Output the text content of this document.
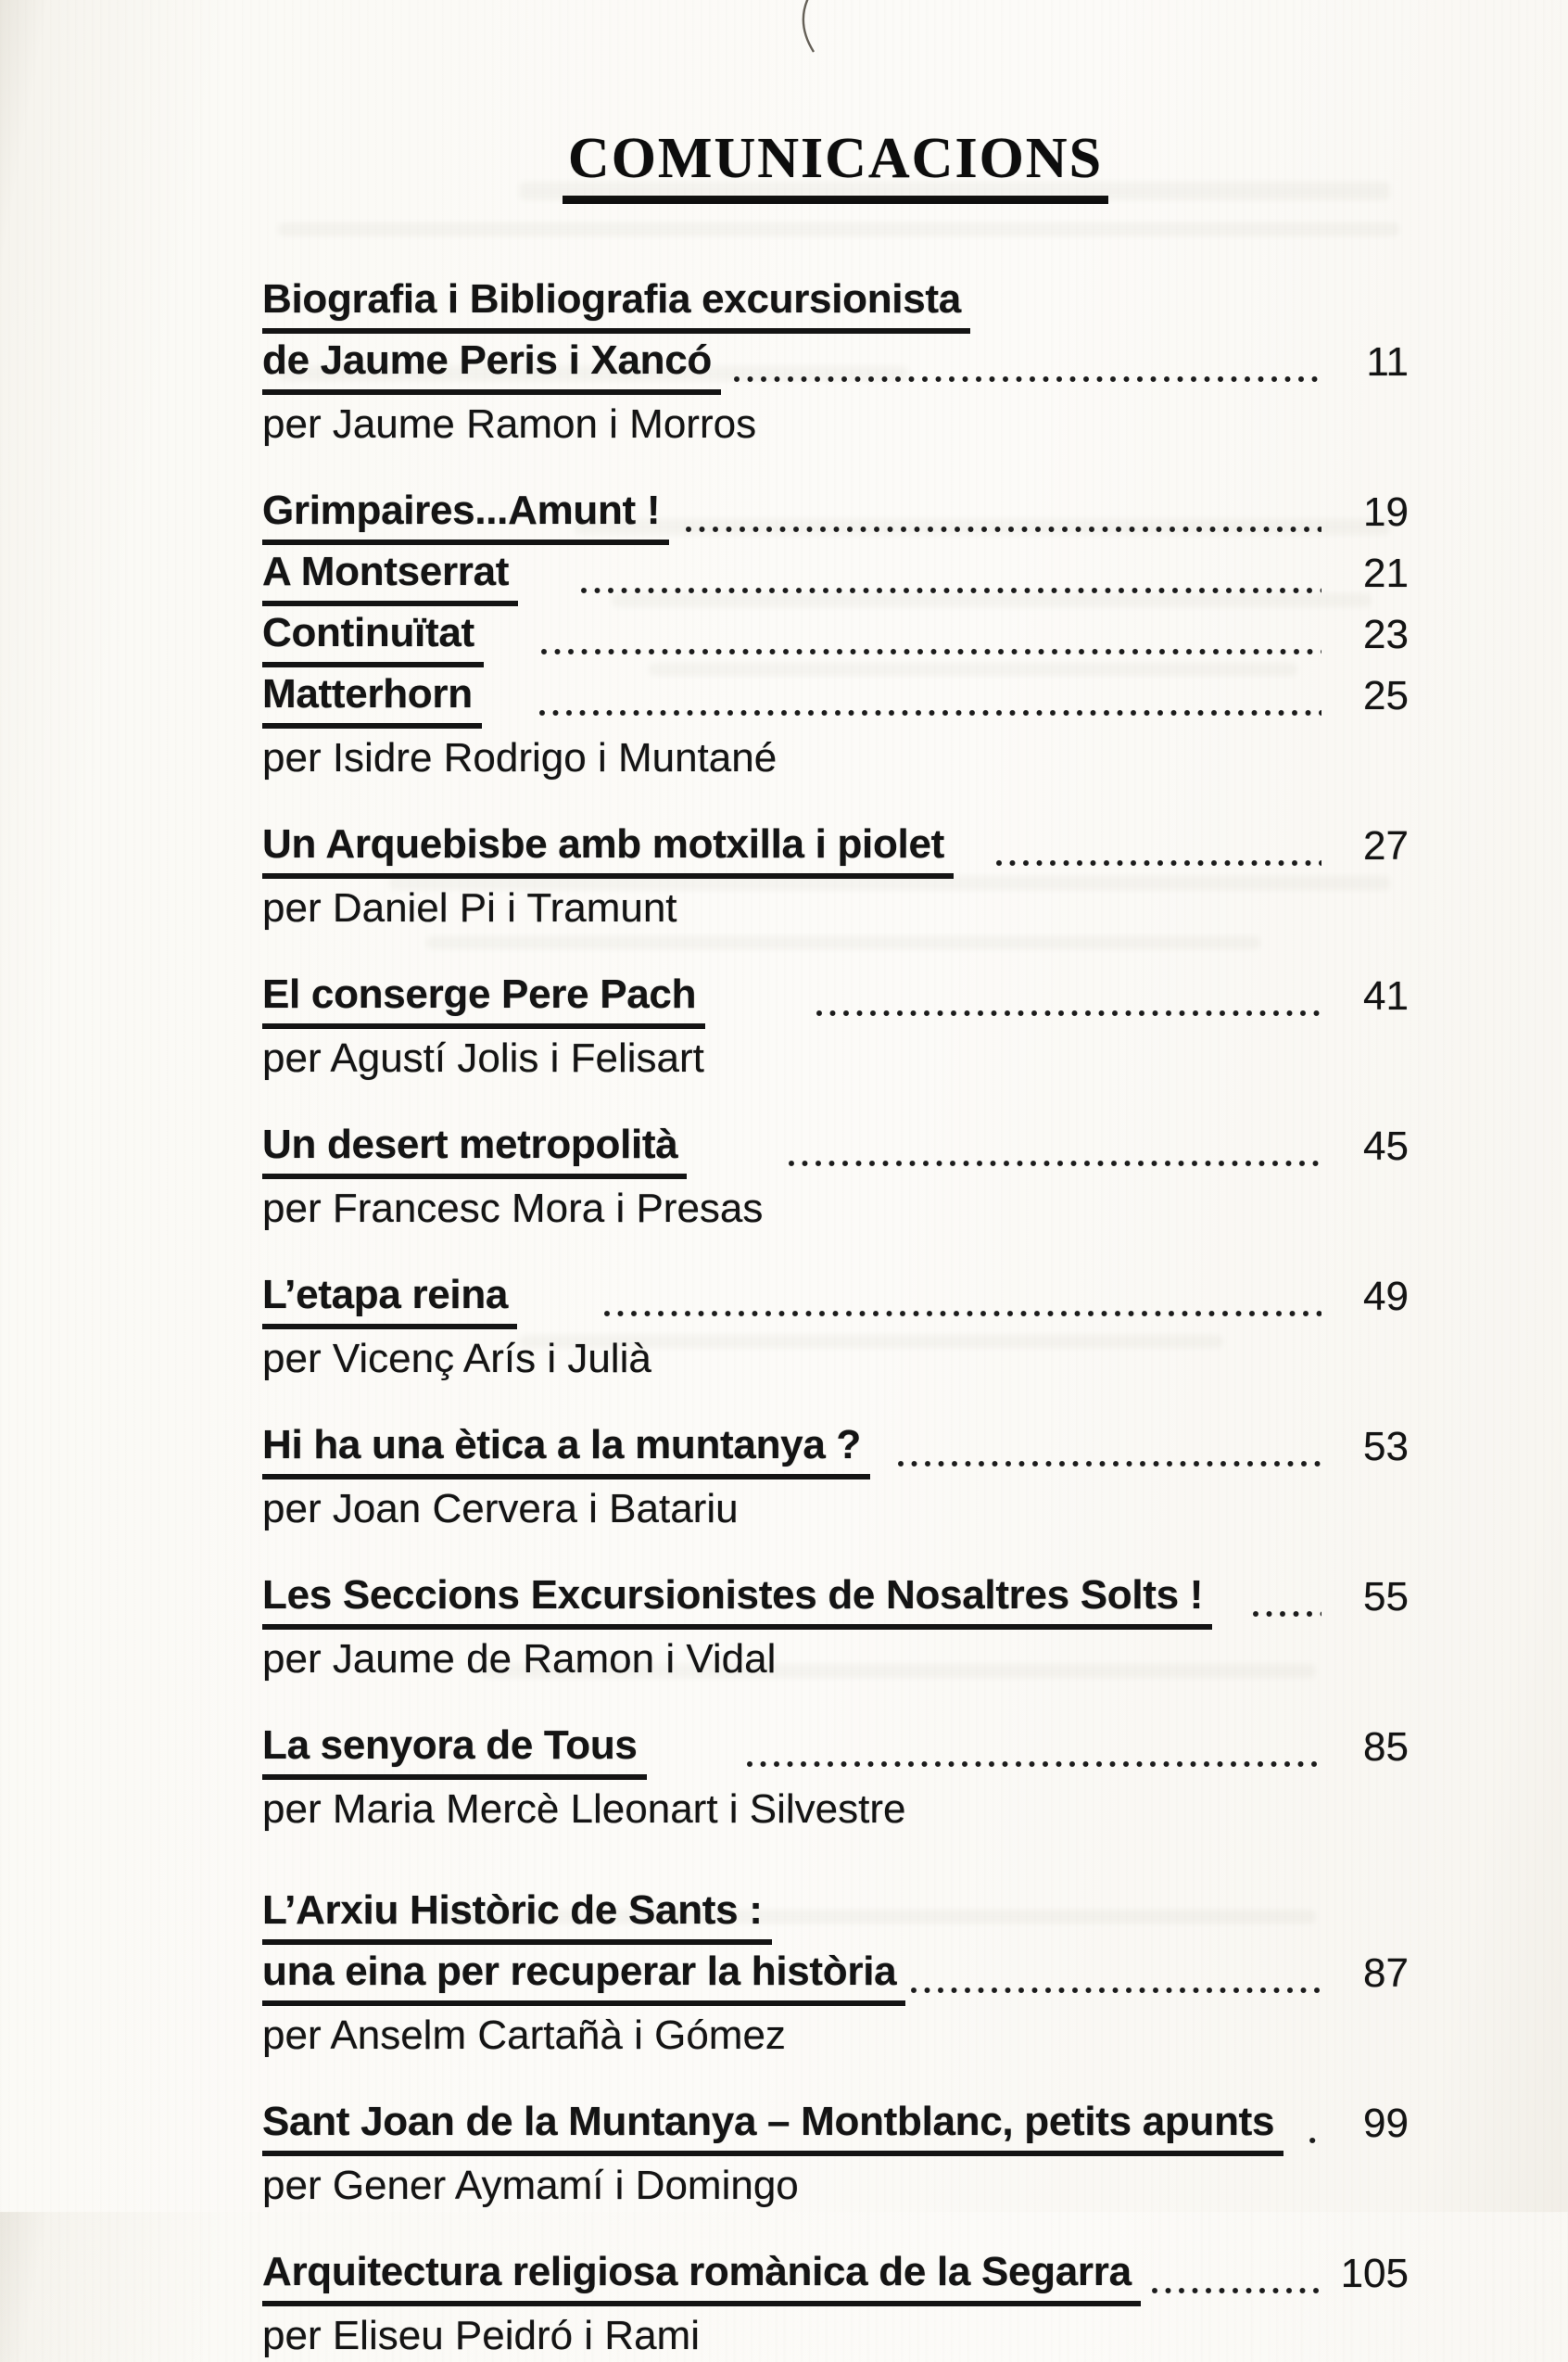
COMUNICACIONS
Biografia i Bibliografia excursionista
de Jaume Peris i Xancó	11
per Jaume Ramon i Morros
Grimpaires...Amunt !	19
A Montserrat	21
Continuïtat	23
Matterhorn	25
per Isidre Rodrigo i Muntané
Un Arquebisbe amb motxilla i piolet	27
per Daniel Pi i Tramunt
El conserge Pere Pach	41
per Agustí Jolis i Felisart
Un desert metropolità	45
per Francesc Mora i Presas
L’etapa reina	49
per Vicenç Arís i Julià
Hi ha una ètica a la muntanya ?	53
per Joan Cervera i Batariu
Les Seccions Excursionistes de Nosaltres Solts !	55
per Jaume de Ramon i Vidal
La senyora de Tous	85
per Maria Mercè Lleonart i Silvestre
L’Arxiu Històric de Sants :
una eina per recuperar la història	87
per Anselm Cartañà i Gómez
Sant Joan de la Muntanya – Montblanc, petits apunts	99
per Gener Aymamí i Domingo
Arquitectura religiosa romànica de la Segarra	105
per Eliseu Peidró i Rami
